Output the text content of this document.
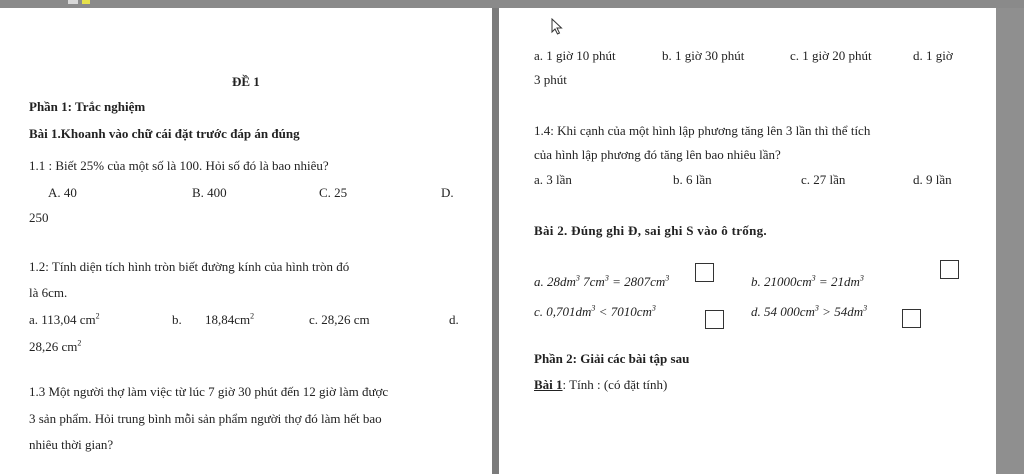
ĐỀ 1
Phần 1: Trắc nghiệm
Bài 1.Khoanh vào chữ cái đặt trước đáp án đúng
1.1 : Biết 25% của một số là 100. Hỏi số đó là bao nhiêu?
A. 40	B. 400	C. 25	D.
250
1.2: Tính diện tích hình tròn biết đường kính của hình tròn đó
là 6cm.
a. 113,04 $cm^2$	b. $18,84cm^2$	c. 28,26 cm	d.
28,26 $cm^2$
1.3 Một người thợ làm việc từ lúc 7 giờ 30 phút đến 12 giờ làm được
3 sản phẩm. Hỏi trung bình mỗi sản phẩm người thợ đó làm hết bao
nhiêu thời gian?
a. 1 giờ 10 phút	b. 1 giờ 30 phút	c. 1 giờ 20 phút	d. 1 giờ
3 phút
1.4: Khi cạnh của một hình lập phương tăng lên 3 lần thì thể tích
của hình lập phương đó tăng lên bao nhiêu lần?
a. 3 lần	b. 6 lần	c. 27 lần	d. 9 lần
Bài 2. Đúng ghi Đ, sai ghi S vào ô trống.
a. $28dm^3$ $7cm^3 = 2807cm^3$	b. $21000cm^3 = 21dm^3$
c. $0,701dm^3 < 7010cm^3$	d. 54 $000cm^3 > 54dm^3$
Phần 2: Giải các bài tập sau
Bài 1: Tính : (có đặt tính)
